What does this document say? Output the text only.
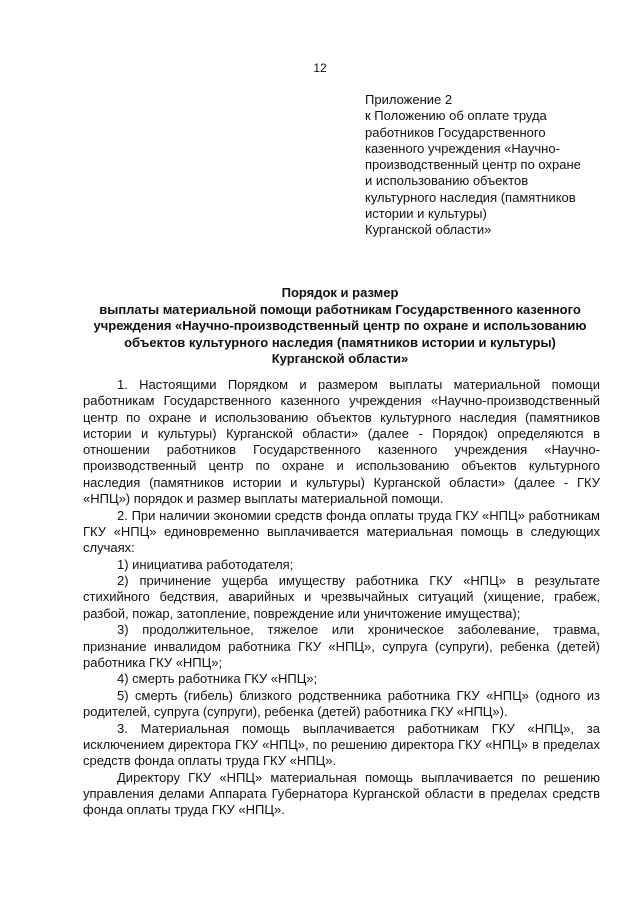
12
Приложение 2
к Положению об оплате труда
работников Государственного
казенного учреждения «Научно-
производственный центр по охране
и использованию объектов
культурного наследия (памятников
истории и культуры)
Курганской области»
Порядок и размер
выплаты материальной помощи работникам Государственного казенного
учреждения «Научно-производственный центр по охране и использованию
объектов культурного наследия (памятников истории и культуры)
Курганской области»

1. Настоящими Порядком и размером выплаты материальной помощи работникам Государственного казенного учреждения «Научно-производственный центр по охране и использованию объектов культурного наследия (памятников истории и культуры) Курганской области» (далее - Порядок) определяются в отношении работников Государственного казенного учреждения «Научно-производственный центр по охране и использованию объектов культурного наследия (памятников истории и культуры) Курганской области» (далее - ГКУ «НПЦ») порядок и размер выплаты материальной помощи.

2. При наличии экономии средств фонда оплаты труда ГКУ «НПЦ» работникам ГКУ «НПЦ» единовременно выплачивается материальная помощь в следующих случаях:

1) инициатива работодателя;

2) причинение ущерба имуществу работника ГКУ «НПЦ» в результате стихийного бедствия, аварийных и чрезвычайных ситуаций (хищение, грабеж, разбой, пожар, затопление, повреждение или уничтожение имущества);

3) продолжительное, тяжелое или хроническое заболевание, травма, признание инвалидом работника ГКУ «НПЦ», супруга (супруги), ребенка (детей) работника ГКУ «НПЦ»;

4) смерть работника ГКУ «НПЦ»;

5) смерть (гибель) близкого родственника работника ГКУ «НПЦ» (одного из родителей, супруга (супруги), ребенка (детей) работника ГКУ «НПЦ»).

3. Материальная помощь выплачивается работникам ГКУ «НПЦ», за исключением директора ГКУ «НПЦ», по решению директора ГКУ «НПЦ» в пределах средств фонда оплаты труда ГКУ «НПЦ».

Директору ГКУ «НПЦ» материальная помощь выплачивается по решению управления делами Аппарата Губернатора Курганской области в пределах средств фонда оплаты труда ГКУ «НПЦ».
